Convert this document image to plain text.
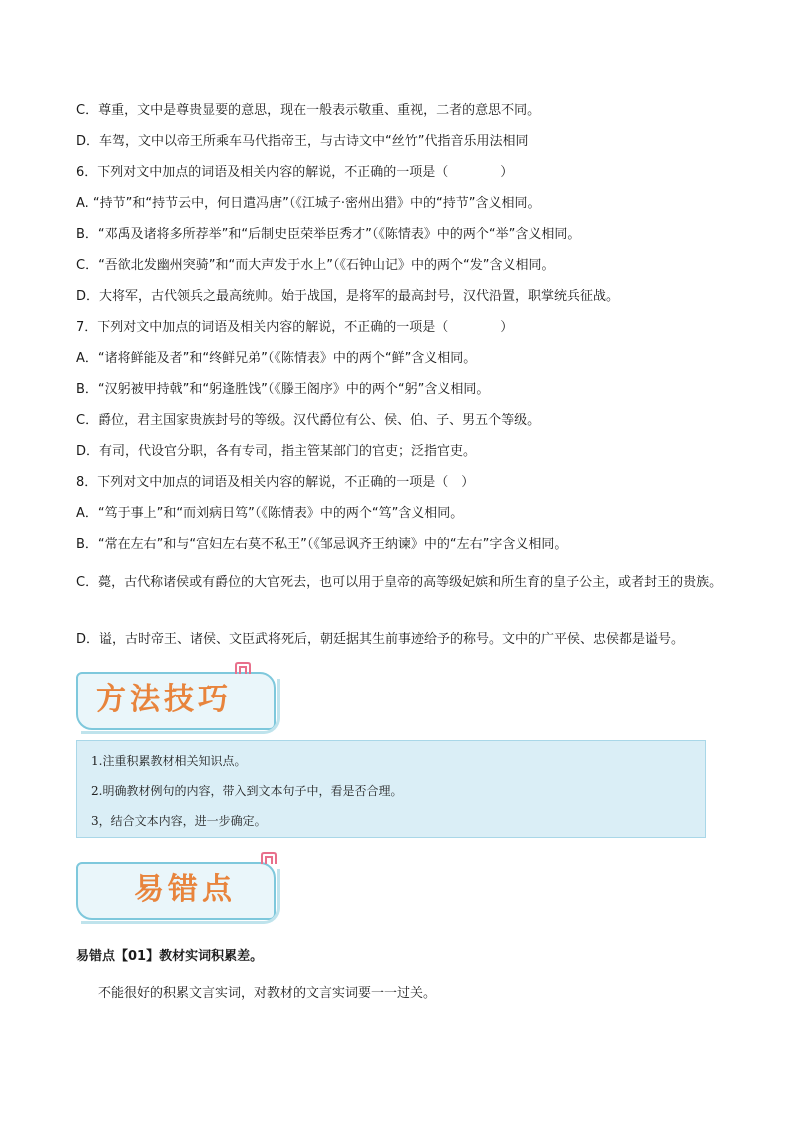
C．尊重，文中是尊贵显要的意思，现在一般表示敬重、重视，二者的意思不同。
D．车驾，文中以帝王所乘车马代指帝王，与古诗文中“丝竹”代指音乐用法相同
6．下列对文中加点的词语及相关内容的解说，不正确的一项是（　　　　）
A. “持节”和“持节云中，何日遣冯唐”（《江城子·密州出猎》中的“持节”含义相同。
B．“邓禹及诸将多所荐举”和“后制史臣荣举臣秀才”（《陈情表》中的两个“举”含义相同。
C．“吾欲北发幽州突骑”和“而大声发于水上”（《石钟山记》中的两个“发”含义相同。
D．大将军，古代领兵之最高统帅。始于战国，是将军的最高封号，汉代沿置，职掌统兵征战。
7．下列对文中加点的词语及相关内容的解说，不正确的一项是（　　　　）
A．“诸将鲜能及者”和“终鲜兄弟”（《陈情表》中的两个“鲜”含义相同。
B．“汉躬被甲持戟”和“躬逢胜饯”（《滕王阁序》中的两个“躬”含义相同。
C．爵位，君主国家贵族封号的等级。汉代爵位有公、侯、伯、子、男五个等级。
D．有司，代设官分职，各有专司，指主管某部门的官吏；泛指官吏。
8．下列对文中加点的词语及相关内容的解说，不正确的一项是（　）
A．“笃于事上”和“而刘病日笃”（《陈情表》中的两个“笃”含义相同。
B．“常在左右”和与“宫妇左右莫不私王”（《邹忌讽齐王纳谏》中的“左右”字含义相同。
C．薨，古代称诸侯或有爵位的大官死去，也可以用于皇帝的高等级妃嫔和所生育的皇子公主，或者封王的贵族。
D．谥，古时帝王、诸侯、文臣武将死后，朝廷据其生前事迹给予的称号。文中的广平侯、忠侯都是谥号。
方法技巧
1.注重积累教材相关知识点。
2.明确教材例句的内容，带入到文本句子中，看是否合理。
3，结合文本内容，进一步确定。
易错点
易错点【01】教材实词积累差。
不能很好的积累文言实词，对教材的文言实词要一一过关。
